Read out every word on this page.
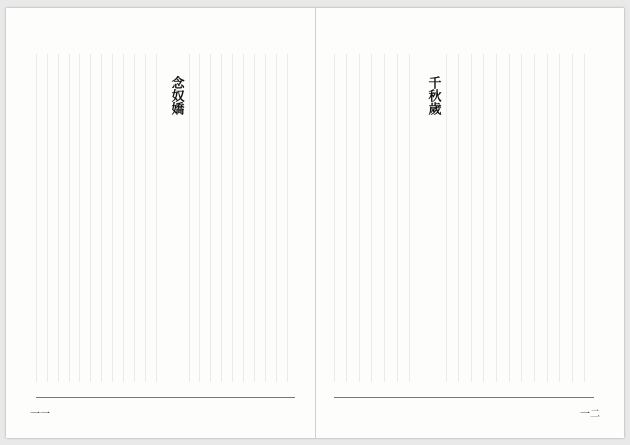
念奴嬌
一一
千秋歲
一二
